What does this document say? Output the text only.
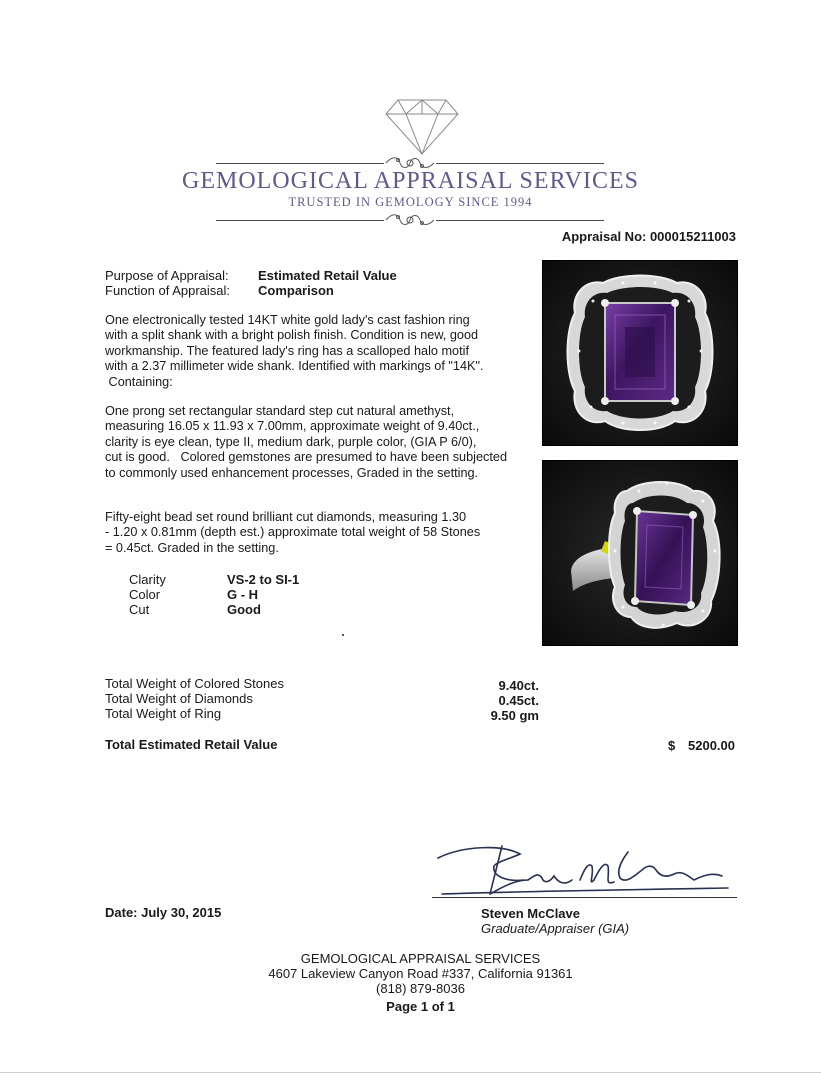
GEMOLOGICAL APPRAISAL SERVICES
TRUSTED IN GEMOLOGY SINCE 1994
Appraisal No: 000015211003
Purpose of Appraisal: Estimated Retail Value
Function of Appraisal: Comparison
One electronically tested 14KT white gold lady's cast fashion ring
with a split shank with a bright polish finish. Condition is new, good
workmanship. The featured lady's ring has a scalloped halo motif
with a 2.37 millimeter wide shank. Identified with markings of "14K".
Containing:
One prong set rectangular standard step cut natural amethyst,
measuring 16.05 x 11.93 x 7.00mm, approximate weight of 9.40ct.,
clarity is eye clean, type II, medium dark, purple color, (GIA P 6/0),
cut is good.   Colored gemstones are presumed to have been subjected
to commonly used enhancement processes, Graded in the setting.
Fifty-eight bead set round brilliant cut diamonds, measuring 1.30
- 1.20 x 0.81mm (depth est.) approximate total weight of 58 Stones
= 0.45ct. Graded in the setting.
Clarity	VS-2 to SI-1
Color	G - H
Cut	Good
Total Weight of Colored Stones	9.40ct.
Total Weight of Diamonds	0.45ct.
Total Weight of Ring	9.50 gm
Total Estimated Retail Value	$ 5200.00
Date: July 30, 2015	Steven McClave
Graduate/Appraiser (GIA)
GEMOLOGICAL APPRAISAL SERVICES
4607 Lakeview Canyon Road #337, California 91361
(818) 879-8036
Page 1 of 1
